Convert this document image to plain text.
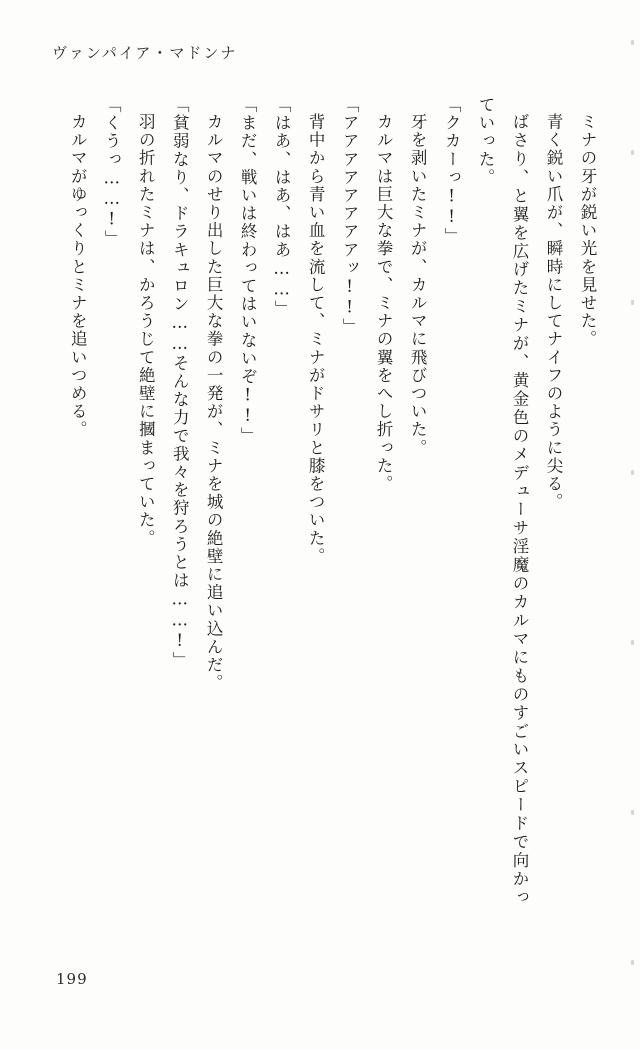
ヴァンパイア・マドンナ

ミナの牙が鋭い光を見せた。

青く鋭い爪が、瞬時にしてナイフのように尖る。

ばさり、と翼を広げたミナが、黄金色のメデューサ淫魔のカルマにものすごいスピードで向かっていった。

「クカーっ!!」

牙を剥いたミナが、カルマに飛びついた。

カルマは巨大な拳で、ミナの翼をへし折った。

「アアアアアアアアッ!!」

背中から青い血を流して、ミナがドサリと膝をついた。

「はあ、はあ、はあ……」

「まだ、戦いは終わってはいないぞ!!」

カルマのせり出した巨大な拳の一発が、ミナを城の絶壁に追い込んだ。

「貧弱なり、ドラキュロン……そんな力で我々を狩ろうとは……!」

羽の折れたミナは、かろうじて絶壁に摑まっていた。

「くうっ……!」

カルマがゆっくりとミナを追いつめる。

199
